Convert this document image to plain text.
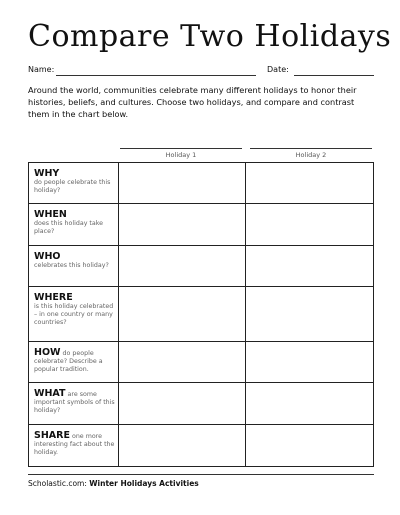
Compare Two Holidays
Name:	Date:
Around the world, communities celebrate many different holidays to honor their histories, beliefs, and cultures. Choose two holidays, and compare and contrast them in the chart below.
Holiday 1	Holiday 2
WHY
do people celebrate this holiday?
WHEN
does this holiday take place?
WHO
celebrates this holiday?
WHERE
is this holiday celebrated – in one country or many countries?
HOW do people celebrate? Describe a popular tradition.
WHAT are some important symbols of this holiday?
SHARE one more interesting fact about the holiday.
Scholastic.com: Winter Holidays Activities
